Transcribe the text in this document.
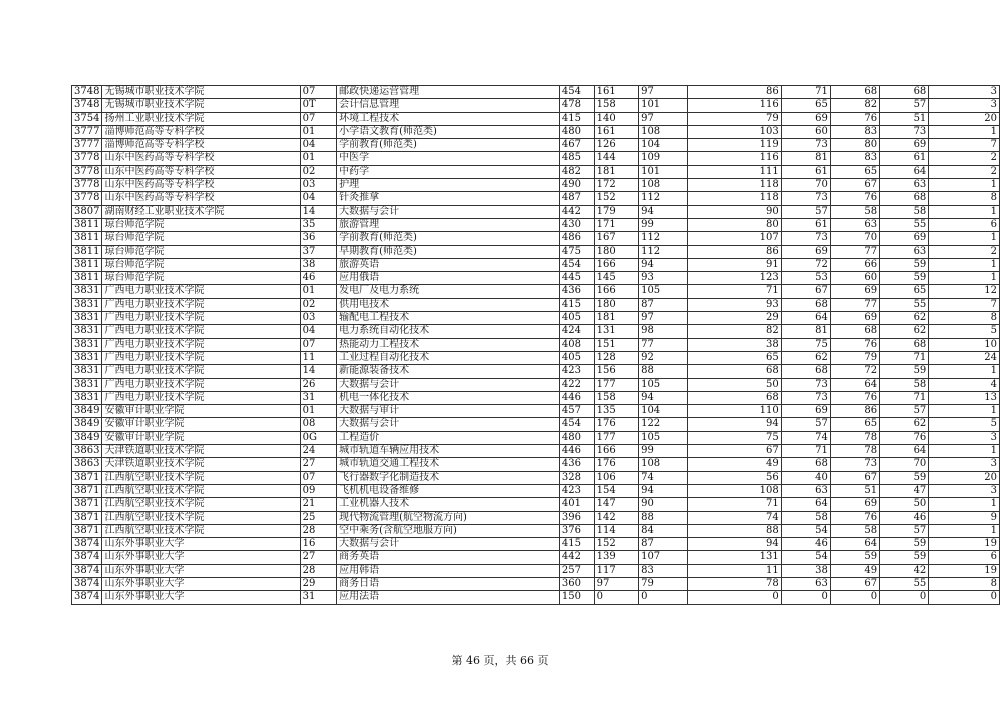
3748	无锡城市职业技术学院	07	邮政快递运营管理	454	161	97	86	71	68	68	3
3748	无锡城市职业技术学院	0T	会计信息管理	478	158	101	116	65	82	57	3
3754	扬州工业职业技术学院	07	环境工程技术	415	140	97	79	69	76	51	20
3777	淄博师范高等专科学校	01	小学语文教育(师范类)	480	161	108	103	60	83	73	1
3777	淄博师范高等专科学校	04	学前教育(师范类)	467	126	104	119	73	80	69	7
3778	山东中医药高等专科学校	01	中医学	485	144	109	116	81	83	61	2
3778	山东中医药高等专科学校	02	中药学	482	181	101	111	61	65	64	2
3778	山东中医药高等专科学校	03	护理	490	172	108	118	70	67	63	1
3778	山东中医药高等专科学校	04	针灸推拿	487	152	112	118	73	76	68	8
3807	湖南财经工业职业技术学院	14	大数据与会计	442	179	94	90	57	58	58	1
3811	琼台师范学院	35	旅游管理	430	171	99	80	61	63	55	6
3811	琼台师范学院	36	学前教育(师范类)	486	167	112	107	73	70	69	1
3811	琼台师范学院	37	早期教育(师范类)	475	180	112	86	69	77	63	2
3811	琼台师范学院	38	旅游英语	454	166	94	91	72	66	59	1
3811	琼台师范学院	46	应用俄语	445	145	93	123	53	60	59	1
3831	广西电力职业技术学院	01	发电厂及电力系统	436	166	105	71	67	69	65	12
3831	广西电力职业技术学院	02	供用电技术	415	180	87	93	68	77	55	7
3831	广西电力职业技术学院	03	输配电工程技术	405	181	97	29	64	69	62	8
3831	广西电力职业技术学院	04	电力系统自动化技术	424	131	98	82	81	68	62	5
3831	广西电力职业技术学院	07	热能动力工程技术	408	151	77	38	75	76	68	10
3831	广西电力职业技术学院	11	工业过程自动化技术	405	128	92	65	62	79	71	24
3831	广西电力职业技术学院	14	新能源装备技术	423	156	88	68	68	72	59	1
3831	广西电力职业技术学院	26	大数据与会计	422	177	105	50	73	64	58	4
3831	广西电力职业技术学院	31	机电一体化技术	446	158	94	68	73	76	71	13
3849	安徽审计职业学院	01	大数据与审计	457	135	104	110	69	86	57	1
3849	安徽审计职业学院	08	大数据与会计	454	176	122	94	57	65	62	5
3849	安徽审计职业学院	0G	工程造价	480	177	105	75	74	78	76	3
3863	天津铁道职业技术学院	24	城市轨道车辆应用技术	446	166	99	67	71	78	64	1
3863	天津铁道职业技术学院	27	城市轨道交通工程技术	436	176	108	49	68	73	70	3
3871	江西航空职业技术学院	07	飞行器数字化制造技术	328	106	74	56	40	67	59	20
3871	江西航空职业技术学院	09	飞机机电设备维修	423	154	94	108	63	51	47	3
3871	江西航空职业技术学院	21	工业机器人技术	401	147	90	71	64	69	50	1
3871	江西航空职业技术学院	25	现代物流管理(航空物流方向)	396	142	88	74	58	76	46	9
3871	江西航空职业技术学院	28	空中乘务(含航空地服方向)	376	114	84	88	54	58	57	1
3874	山东外事职业大学	16	大数据与会计	415	152	87	94	46	64	59	19
3874	山东外事职业大学	27	商务英语	442	139	107	131	54	59	59	6
3874	山东外事职业大学	28	应用韩语	257	117	83	11	38	49	42	19
3874	山东外事职业大学	29	商务日语	360	97	79	78	63	67	55	8
3874	山东外事职业大学	31	应用法语	150	0	0	0	0	0	0	0
第 46 页，共 66 页
